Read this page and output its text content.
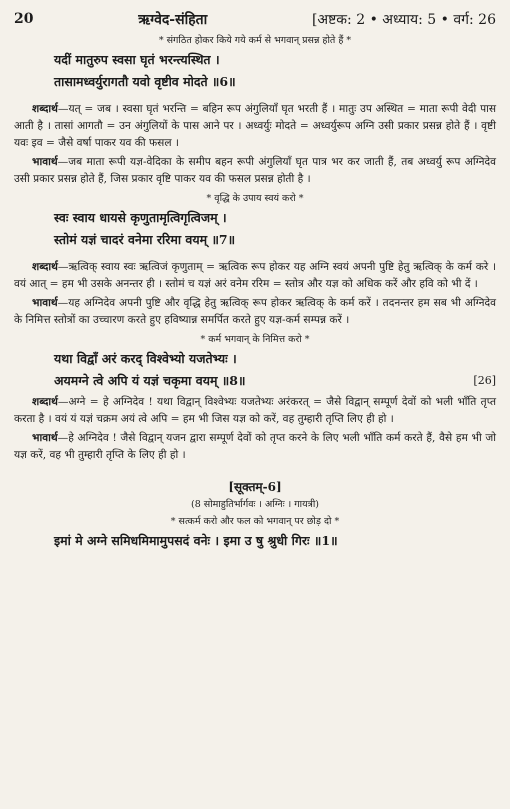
20	ऋग्वेद-संहिता	[अष्टक: 2 • अध्याय: 5 • वर्ग: 26
* संगठित होकर किये गये कर्म से भगवान् प्रसन्न होते हैं *
यदीं मातुरुप स्वसा घृतं भरन्त्यस्थित ।
तासामध्वर्युरागतौ यवो वृष्टीव मोदते ॥6॥

शब्दार्थ—यत् = जब । स्वसा घृतं भरन्ति = बहिन रूप अंगुलियाँ घृत भरती हैं । मातुः उप अस्थित = माता रूपी वेदी पास आती है । तासां आगतौ = उन अंगुलियों के पास आने पर । अध्वर्युः मोदते = अध्वर्युरूप अग्नि उसी प्रकार प्रसन्न होते हैं । वृष्टी यवः इव = जैसे वर्षा पाकर यव की फसल ।

भावार्थ—जब माता रूपी यज्ञ-वेदिका के समीप बहन रूपी अंगुलियाँ घृत पात्र भर कर जाती हैं, तब अध्वर्यु रूप अग्निदेव उसी प्रकार प्रसन्न होते हैं, जिस प्रकार वृष्टि पाकर यव की फसल प्रसन्न होती है ।

* वृद्धि के उपाय स्वयं करो *
स्वः स्वाय धायसे कृणुतामृत्विगृत्विजम् ।
स्तोमं यज्ञं चादरं वनेमा ररिमा वयम् ॥7॥

शब्दार्थ—ऋत्विक् स्वाय स्वः ऋत्विजं कृणुताम् = ऋत्विक रूप होकर यह अग्नि स्वयं अपनी पुष्टि हेतु ऋत्विक् के कर्म करे । वयं आत् = हम भी उसके अनन्तर ही । स्तोमं च यज्ञं अरं वनेम ररिम = स्तोत्र और यज्ञ को अधिक करें और हवि को भी दें ।

भावार्थ—यह अग्निदेव अपनी पुष्टि और वृद्धि हेतु ऋत्विक् रूप होकर ऋत्विक् के कर्म करें । तदनन्तर हम सब भी अग्निदेव के निमित्त स्तोत्रों का उच्चारण करते हुए हविष्यान्न समर्पित करते हुए यज्ञ-कर्म सम्पन्न करें ।

* कर्म भगवान् के निमित्त करो *
यथा विद्वाँ अरं करद् विश्वेभ्यो यजतेभ्यः ।
अयमग्ने त्वे अपि यं यज्ञं चकृमा वयम् ॥8॥	[26]

शब्दार्थ—अग्ने = हे अग्निदेव ! यथा विद्वान् विश्वेभ्यः यजतेभ्यः अरंकरत् = जैसे विद्वान् सम्पूर्ण देवों को भली भाँति तृप्त करता है । वयं यं यज्ञं चक्रम अयं त्वे अपि = हम भी जिस यज्ञ को करें, वह तुम्हारी तृप्ति लिए ही हो ।

भावार्थ—हे अग्निदेव ! जैसे विद्वान् यजन द्वारा सम्पूर्ण देवों को तृप्त करने के लिए भली भाँति कर्म करते हैं, वैसे हम भी जो यज्ञ करें, वह भी तुम्हारी तृप्ति के लिए ही हो ।

[सूक्तम्-6]
(8 सोमाहुतिर्भार्गवः । अग्निः । गायत्री)
* सत्कर्म करो और फल को भगवान् पर छोड़ दो *
इमां मे अग्ने समिधमिमामुपसदं वनेः । इमा उ षु श्रुधी गिरः ॥1॥
